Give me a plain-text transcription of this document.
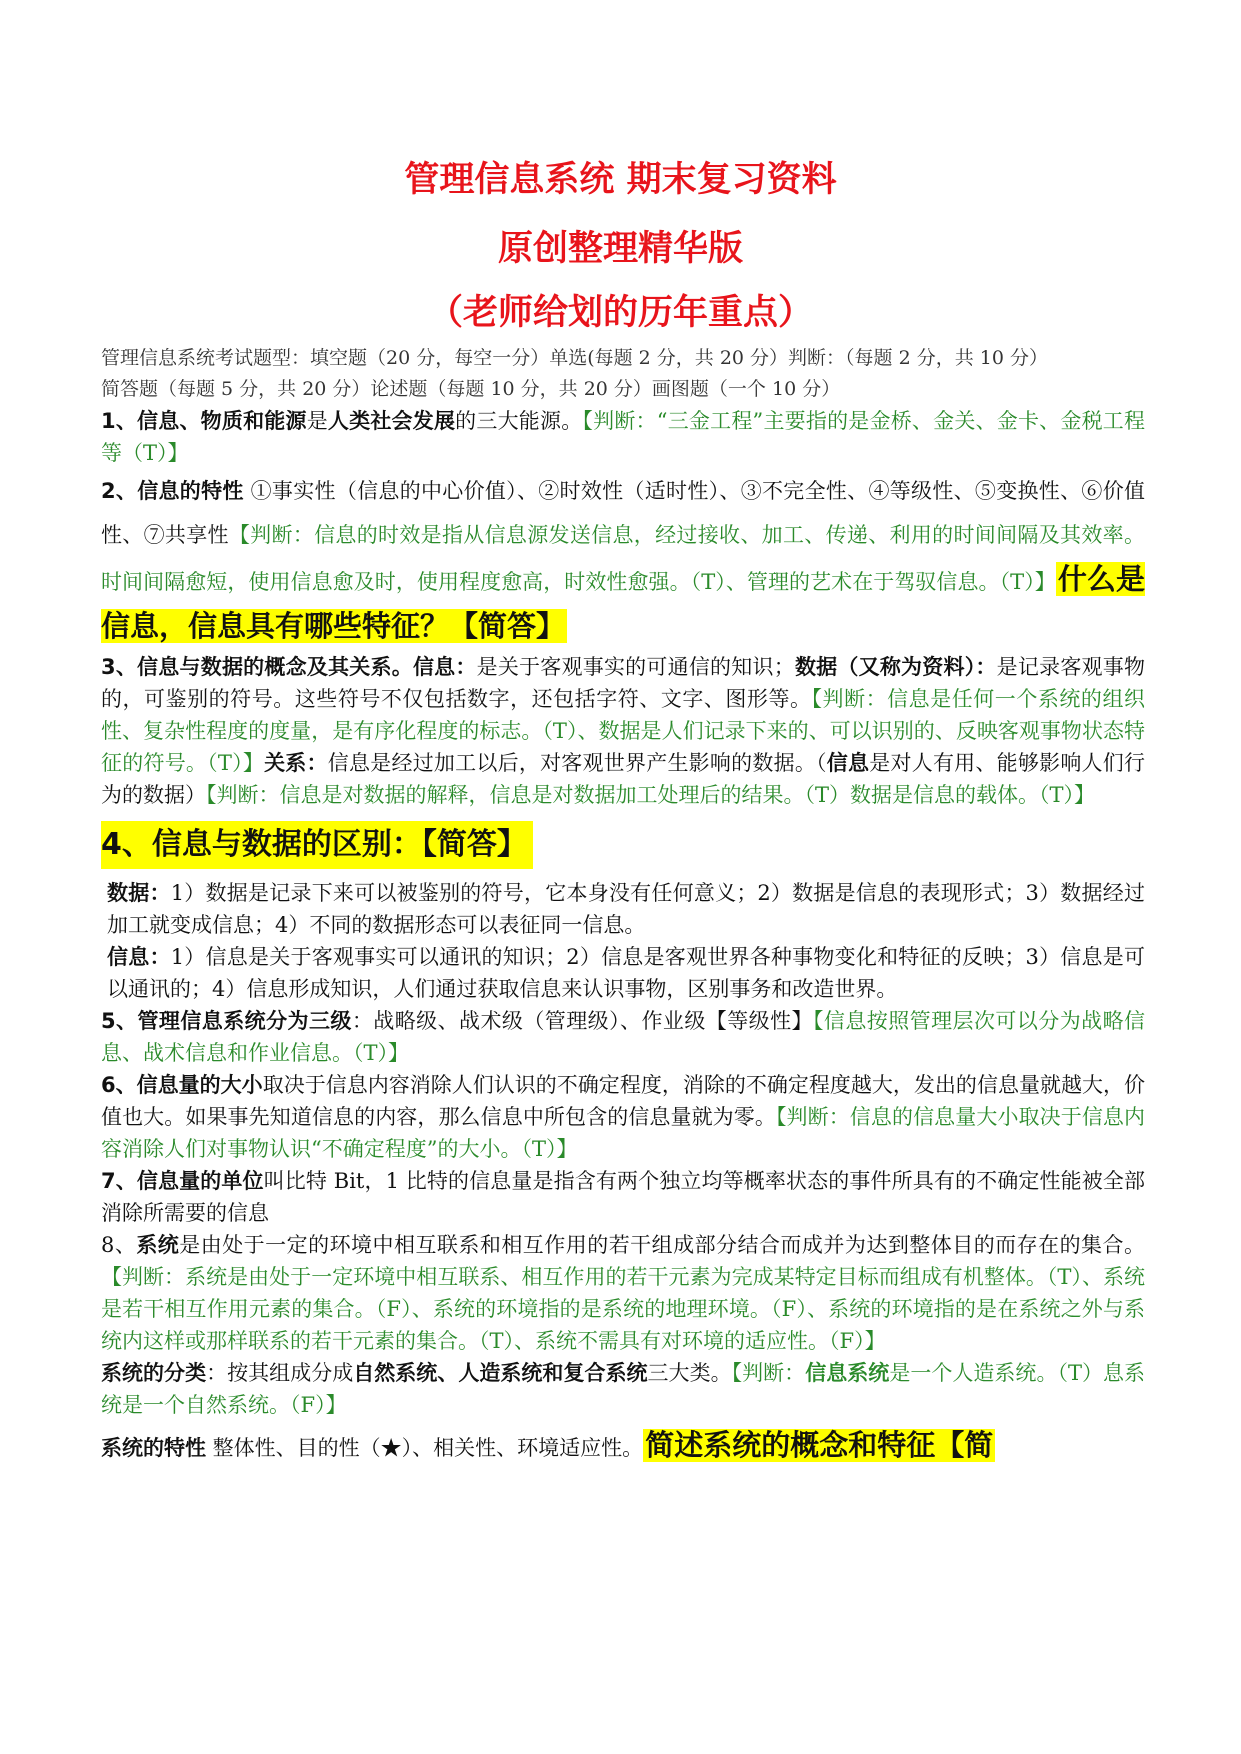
管理信息系统 期末复习资料
原创整理精华版
（老师给划的历年重点）

管理信息系统考试题型：填空题（20 分，每空一分）单选(每题 2 分，共 20 分）判断：（每题 2 分，共 10 分）

简答题（每题 5 分，共 20 分）论述题（每题 10 分，共 20 分）画图题（一个 10 分）

1、信息、物质和能源是人类社会发展的三大能源。【判断：“三金工程”主要指的是金桥、金关、金卡、金税工程等（T）】

2、信息的特性 ①事实性（信息的中心价值）、②时效性（适时性）、③不完全性、④等级性、⑤变换性、⑥价值性、⑦共享性【判断：信息的时效是指从信息源发送信息，经过接收、加工、传递、利用的时间间隔及其效率。时间间隔愈短，使用信息愈及时，使用程度愈高，时效性愈强。（T）、管理的艺术在于驾驭信息。（T）】什么是信息，信息具有哪些特征？【简答】

3、信息与数据的概念及其关系。信息：是关于客观事实的可通信的知识；数据（又称为资料）：是记录客观事物的，可鉴别的符号。这些符号不仅包括数字，还包括字符、文字、图形等。【判断：信息是任何一个系统的组织性、复杂性程度的度量，是有序化程度的标志。（T）、数据是人们记录下来的、可以识别的、反映客观事物状态特征的符号。（T）】关系：信息是经过加工以后，对客观世界产生影响的数据。（信息是对人有用、能够影响人们行为的数据）【判断：信息是对数据的解释，信息是对数据加工处理后的结果。（T）数据是信息的载体。（T）】

4、信息与数据的区别：【简答】

数据：1）数据是记录下来可以被鉴别的符号，它本身没有任何意义；2）数据是信息的表现形式；3）数据经过加工就变成信息；4）不同的数据形态可以表征同一信息。

信息：1）信息是关于客观事实可以通讯的知识；2）信息是客观世界各种事物变化和特征的反映；3）信息是可以通讯的；4）信息形成知识，人们通过获取信息来认识事物，区别事务和改造世界。

5、管理信息系统分为三级：战略级、战术级（管理级）、作业级【等级性】【信息按照管理层次可以分为战略信息、战术信息和作业信息。（T）】

6、信息量的大小取决于信息内容消除人们认识的不确定程度，消除的不确定程度越大，发出的信息量就越大，价值也大。如果事先知道信息的内容，那么信息中所包含的信息量就为零。【判断：信息的信息量大小取决于信息内容消除人们对事物认识“不确定程度”的大小。（T）】

7、信息量的单位叫比特 Bit，1 比特的信息量是指含有两个独立均等概率状态的事件所具有的不确定性能被全部消除所需要的信息

8、系统是由处于一定的环境中相互联系和相互作用的若干组成部分结合而成并为达到整体目的而存在的集合。【判断：系统是由处于一定环境中相互联系、相互作用的若干元素为完成某特定目标而组成有机整体。（T）、系统是若干相互作用元素的集合。（F）、系统的环境指的是系统的地理环境。（F）、系统的环境指的是在系统之外与系统内这样或那样联系的若干元素的集合。（T）、系统不需具有对环境的适应性。（F）】

系统的分类：按其组成分成自然系统、人造系统和复合系统三大类。【判断：信息系统是一个人造系统。（T）息系统是一个自然系统。（F）】

系统的特性 整体性、目的性（★）、相关性、环境适应性。简述系统的概念和特征【简
